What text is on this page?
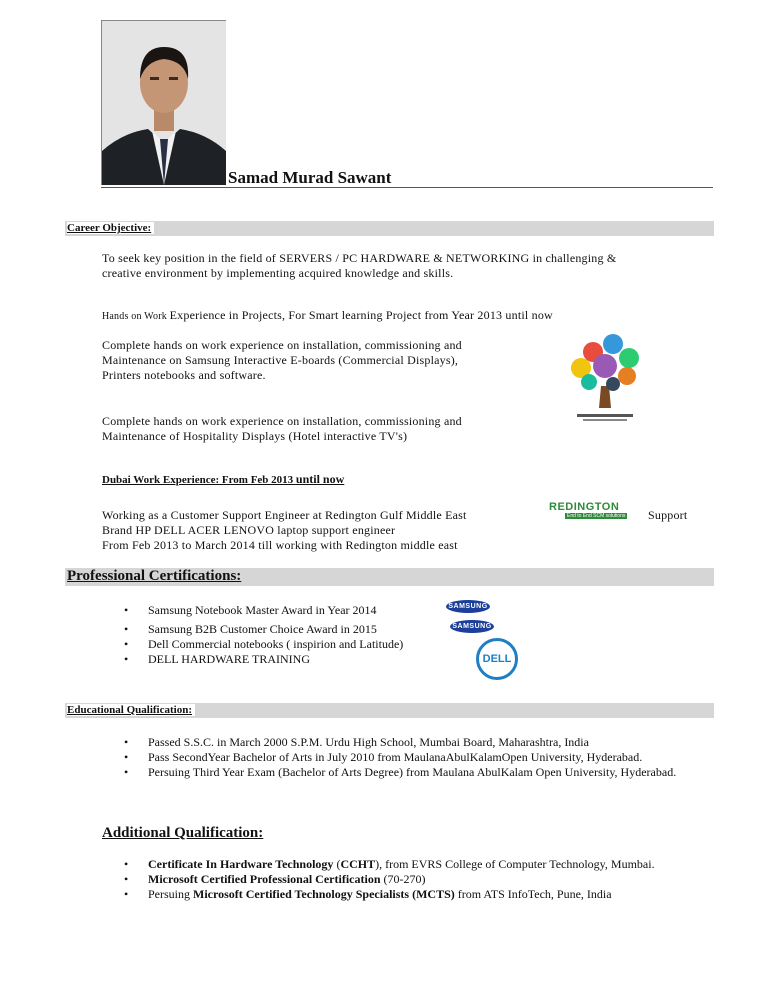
Samad Murad Sawant
Career Objective:
To seek key position in the field of SERVERS / PC HARDWARE & NETWORKING in challenging &
creative environment by implementing acquired knowledge and skills.
Hands on Work Experience in Projects, For Smart learning Project from Year 2013 until now
Complete hands on work experience on installation, commissioning and
Maintenance on Samsung Interactive E-boards (Commercial Displays),
Printers notebooks and software.
Complete hands on work experience on installation, commissioning and
Maintenance of Hospitality Displays (Hotel interactive TV's)
Dubai Work Experience: From Feb 2013 until now
Working as a Customer Support Engineer at Redington Gulf Middle East
REDINGTON
End to End SCM solutions Support
Brand HP DELL ACER LENOVO laptop support engineer
From Feb 2013 to March 2014 till working with Redington middle east
Professional Certifications:
• Samsung Notebook Master Award in Year 2014
• Samsung B2B Customer Choice Award in 2015
• Dell Commercial notebooks ( inspirion and Latitude)
• DELL HARDWARE TRAINING
SAMSUNG
SAMSUNG
DELL
Educational Qualification:
• Passed S.S.C. in March 2000 S.P.M. Urdu High School, Mumbai Board, Maharashtra, India
• Pass SecondYear Bachelor of Arts in July 2010 from MaulanaAbulKalamOpen University, Hyderabad.
• Persuing Third Year Exam (Bachelor of Arts Degree) from Maulana AbulKalam Open University, Hyderabad.
Additional Qualification:
• Certificate In Hardware Technology (CCHT), from EVRS College of Computer Technology, Mumbai.
• Microsoft Certified Professional Certification (70-270)
• Persuing Microsoft Certified Technology Specialists (MCTS) from ATS InfoTech, Pune, India
